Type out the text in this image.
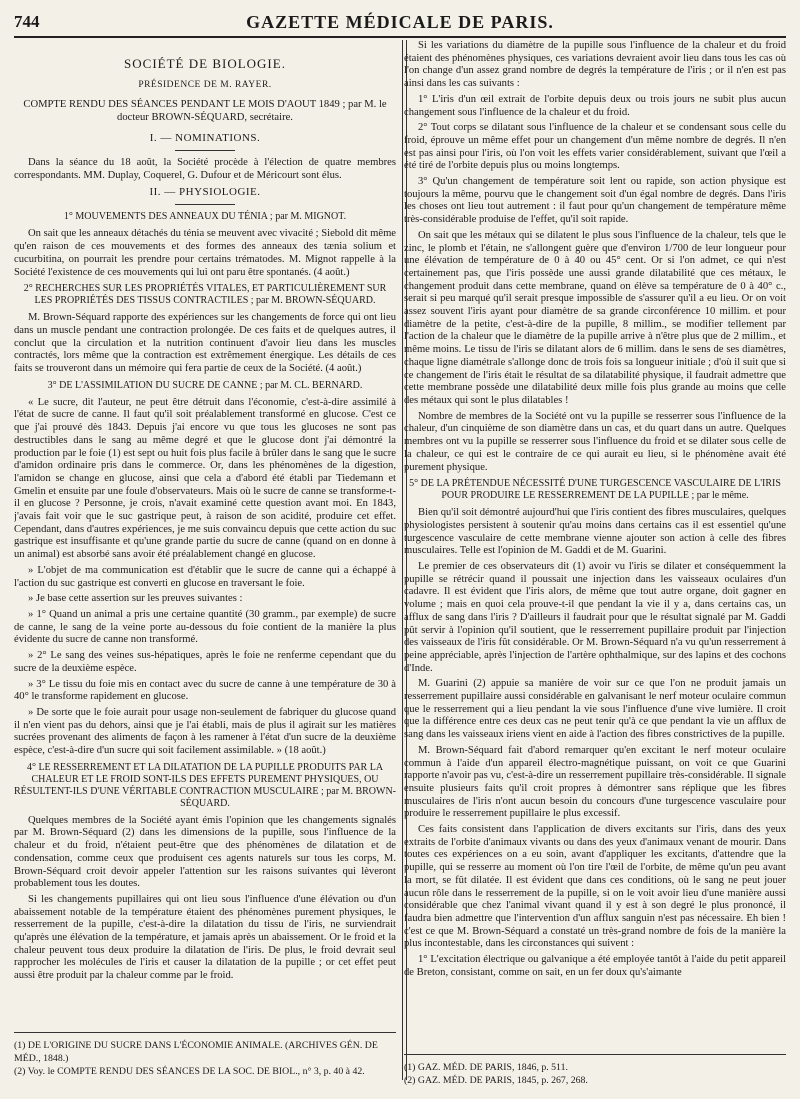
744	GAZETTE MÉDICALE DE PARIS.
SOCIÉTÉ DE BIOLOGIE.
PRÉSIDENCE DE M. RAYER.
COMPTE RENDU DES SÉANCES PENDANT LE MOIS D'AOUT 1849 ; par M. le docteur BROWN-SÉQUARD, secrétaire.
I. — NOMINATIONS.

Dans la séance du 18 août, la Société procède à l'élection de quatre membres correspondants. MM. Duplay, Coquerel, G. Dufour et de Méricourt sont élus.

II. — PHYSIOLOGIE.
1° MOUVEMENTS DES ANNEAUX DU TÉNIA ; par M. MIGNOT.

On sait que les anneaux détachés du ténia se meuvent avec vivacité ; Siebold dit même qu'en raison de ces mouvements et des formes des anneaux des tænia solium et cucurbitina, on pourrait les prendre pour certains trématodes. M. Mignot rappelle à la Société l'existence de ces mouvements qui lui ont paru être spontanés. (4 août.)

2° RECHERCHES SUR LES PROPRIÉTÉS VITALES, ET PARTICULIÈREMENT SUR LES PROPRIÉTÉS DES TISSUS CONTRACTILES ; par M. BROWN-SÉQUARD.

M. Brown-Séquard rapporte des expériences sur les changements de force qui ont lieu dans un muscle pendant une contraction prolongée. De ces faits et de quelques autres, il conclut que la circulation et la nutrition continuent d'avoir lieu dans les muscles contractés, lors même que la contraction est extrêmement énergique. Les détails de ces faits se trouveront dans un mémoire qui fera partie de ceux de la Société. (4 août.)

3° DE L'ASSIMILATION DU SUCRE DE CANNE ; par M. CL. BERNARD.

« Le sucre, dit l'auteur, ne peut être détruit dans l'économie, c'est-à-dire assimilé à l'état de sucre de canne. Il faut qu'il soit préalablement transformé en glucose. C'est ce que j'ai prouvé dès 1843. Depuis j'ai encore vu que tous les glucoses ne sont pas destructibles dans le sang au même degré et que le glucose dont j'ai démontré la production par le foie (1) est sept ou huit fois plus facile à brûler dans le sang que le sucre d'amidon ordinaire pris dans le commerce. Or, dans les phénomènes de la digestion, l'amidon se change en glucose, ainsi que cela a d'abord été établi par Tiedemann et Gmelin et ensuite par une foule d'observateurs. Mais où le sucre de canne se transforme-t-il en glucose ? Personne, je crois, n'avait examiné cette question avant moi. En 1843, j'avais fait voir que le suc gastrique peut, à raison de son acidité, produire cet effet. Cependant, dans d'autres expériences, je me suis convaincu depuis que cette action du suc gastrique est insuffisante et qu'une grande partie du sucre de canne (quand on en donne à un animal) est absorbé sans avoir été préalablement changé en glucose.

» L'objet de ma communication est d'établir que le sucre de canne qui a échappé à l'action du suc gastrique est converti en glucose en traversant le foie.

» Je base cette assertion sur les preuves suivantes :

» 1° Quand un animal a pris une certaine quantité (30 gramm., par exemple) de sucre de canne, le sang de la veine porte au-dessous du foie contient de la manière la plus évidente du sucre de canne non transformé.

» 2° Le sang des veines sus-hépatiques, après le foie ne renferme cependant que du sucre de la deuxième espèce.

» 3° Le tissu du foie mis en contact avec du sucre de canne à une température de 30 à 40° le transforme rapidement en glucose.

» De sorte que le foie aurait pour usage non-seulement de fabriquer du glucose quand il n'en vient pas du dehors, ainsi que je l'ai établi, mais de plus il agirait sur les matières sucrées provenant des aliments de façon à les ramener à l'état d'un sucre de la deuxième espèce, c'est-à-dire d'un sucre qui soit facilement assimilable. » (18 août.)

4° LE RESSERREMENT ET LA DILATATION DE LA PUPILLE PRODUITS PAR LA CHALEUR ET LE FROID SONT-ILS DES EFFETS PUREMENT PHYSIQUES, OU RÉSULTENT-ILS D'UNE VÉRITABLE CONTRACTION MUSCULAIRE ; par M. BROWN-SÉQUARD.

Quelques membres de la Société ayant émis l'opinion que les changements signalés par M. Brown-Séquard (2) dans les dimensions de la pupille, sous l'influence de la chaleur et du froid, n'étaient peut-être que des phénomènes de dilatation et de condensation, comme ceux que produisent ces agents naturels sur tous les corps, M. Brown-Séquard croit devoir appeler l'attention sur les raisons suivantes qui lèveront probablement tous les doutes.

Si les changements pupillaires qui ont lieu sous l'influence d'une élévation ou d'un abaissement notable de la température étaient des phénomènes purement physiques, le resserrement de la pupille, c'est-à-dire la dilatation du tissu de l'iris, ne surviendrait qu'après une élévation de la température, et jamais après un abaissement. Or le froid et la chaleur peuvent tous deux produire la dilatation de l'iris. De plus, le froid devrait seul rapprocher les molécules de l'iris et causer la dilatation de la pupille ; or cet effet peut aussi être produit par la chaleur comme par le froid.

(1) DE L'ORIGINE DU SUCRE DANS L'ÉCONOMIE ANIMALE. (ARCHIVES GÉN. DE MÉD., 1848.)
(2) Voy. le COMPTE RENDU DES SÉANCES DE LA SOC. DE BIOL., n° 3, p. 40 à 42.

Si les variations du diamètre de la pupille sous l'influence de la chaleur et du froid étaient des phénomènes physiques, ces variations devraient avoir lieu dans tous les cas où l'on change d'un assez grand nombre de degrés la température de l'iris ; or il n'en est pas ainsi dans les cas suivants :

1° L'iris d'un œil extrait de l'orbite depuis deux ou trois jours ne subit plus aucun changement sous l'influence de la chaleur et du froid.

2° Tout corps se dilatant sous l'influence de la chaleur et se condensant sous celle du froid, éprouve un même effet pour un changement d'un même nombre de degrés. Il n'en est pas ainsi pour l'iris, où l'on voit les effets varier considérablement, suivant que l'œil a été tiré de l'orbite depuis plus ou moins longtemps.

3° Qu'un changement de température soit lent ou rapide, son action physique est toujours la même, pourvu que le changement soit d'un égal nombre de degrés. Dans l'iris les choses ont lieu tout autrement : il faut pour qu'un changement de température même très-considérable produise de l'effet, qu'il soit rapide.

On sait que les métaux qui se dilatent le plus sous l'influence de la chaleur, tels que le zinc, le plomb et l'étain, ne s'allongent guère que d'environ 1/700 de leur longueur pour une élévation de température de 0 à 40 ou 45° cent. Or si l'on admet, ce qui n'est certainement pas, que l'iris possède une aussi grande dilatabilité que ces métaux, le changement produit dans cette membrane, quand on élève sa température de 0 à 40° c., serait si peu marqué qu'il serait presque impossible de s'assurer qu'il a eu lieu. Or on voit assez souvent l'iris ayant pour diamètre de sa grande circonférence 10 millim. et pour diamètre de la petite, c'est-à-dire de la pupille, 8 millim., se modifier tellement par l'action de la chaleur que le diamètre de la pupille arrive à n'être plus que de 2 millim., et même moins. Le tissu de l'iris se dilatant alors de 6 millim. dans le sens de ses diamètres, chaque ligne diamétrale s'allonge donc de trois fois sa longueur initiale ; d'où il suit que si ce changement de l'iris était le résultat de sa dilatabilité physique, il faudrait admettre que cette membrane possède une dilatabilité deux mille fois plus grande au moins que celle des métaux qui sont le plus dilatables !

Nombre de membres de la Société ont vu la pupille se resserrer sous l'influence de la chaleur, d'un cinquième de son diamètre dans un cas, et du quart dans un autre. Quelques membres ont vu la pupille se resserrer sous l'influence du froid et se dilater sous celle de la chaleur, ce qui est le contraire de ce qui aurait eu lieu, si le phénomène avait été purement physique.

5° DE LA PRÉTENDUE NÉCESSITÉ D'UNE TURGESCENCE VASCULAIRE DE L'IRIS POUR PRODUIRE LE RESSERREMENT DE LA PUPILLE ; par le même.

Bien qu'il soit démontré aujourd'hui que l'iris contient des fibres musculaires, quelques physiologistes persistent à soutenir qu'au moins dans certains cas il est essentiel qu'une turgescence vasculaire de cette membrane vienne ajouter son action à celle des fibres musculaires. Telle est l'opinion de M. Gaddi et de M. Guarini.

Le premier de ces observateurs dit (1) avoir vu l'iris se dilater et conséquemment la pupille se rétrécir quand il poussait une injection dans les vaisseaux oculaires d'un cadavre. Il est évident que l'iris alors, de même que tout autre organe, doit gagner en volume ; mais en quoi cela prouve-t-il que pendant la vie il y a, dans certains cas, un afflux de sang dans l'iris ? D'ailleurs il faudrait pour que le résultat signalé par M. Gaddi pût servir à l'opinion qu'il soutient, que le resserrement pupillaire produit par l'injection des vaisseaux de l'iris fût considérable. Or M. Brown-Séquard n'a vu qu'un resserrement à peine appréciable, après l'injection de l'artère ophthalmique, sur des lapins et des cochons d'Inde.

M. Guarini (2) appuie sa manière de voir sur ce que l'on ne produit jamais un resserrement pupillaire aussi considérable en galvanisant le nerf moteur oculaire commun que le resserrement qui a lieu pendant la vie sous l'influence d'une vive lumière. Il croit que la différence entre ces deux cas ne peut tenir qu'à ce que pendant la vie un afflux de sang dans les vaisseaux iriens vient en aide à l'action des fibres constrictives de la pupille.

M. Brown-Séquard fait d'abord remarquer qu'en excitant le nerf moteur oculaire commun à l'aide d'un appareil électro-magnétique puissant, on voit ce que Guarini rapporte n'avoir pas vu, c'est-à-dire un resserrement pupillaire très-considérable. Il signale ensuite plusieurs faits qu'il croit propres à démontrer sans réplique que les fibres musculaires de l'iris n'ont aucun besoin du concours d'une turgescence vasculaire pour produire le resserrement pupillaire le plus excessif.

Ces faits consistent dans l'application de divers excitants sur l'iris, dans des yeux extraits de l'orbite d'animaux vivants ou dans des yeux d'animaux venant de mourir. Dans toutes ces expériences on a eu soin, avant d'appliquer les excitants, d'attendre que la pupille, qui se resserre au moment où l'on tire l'œil de l'orbite, de même qu'un peu avant la mort, se fût dilatée. Il est évident que dans ces conditions, où le sang ne peut jouer aucun rôle dans le resserrement de la pupille, si on le voit avoir lieu d'une manière aussi considérable que chez l'animal vivant quand il y est à son degré le plus prononcé, il faudra bien admettre que l'intervention d'un afflux sanguin n'est pas nécessaire. Eh bien ! c'est ce que M. Brown-Séquard a constaté un très-grand nombre de fois de la manière la plus incontestable, dans les circonstances qui suivent :

1° L'excitation électrique ou galvanique a été employée tantôt à l'aide du petit appareil de Breton, consistant, comme on sait, en un fer doux qu's'aimante

(1) GAZ. MÉD. DE PARIS, 1846, p. 511.
(2) GAZ. MÉD. DE PARIS, 1845, p. 267, 268.
